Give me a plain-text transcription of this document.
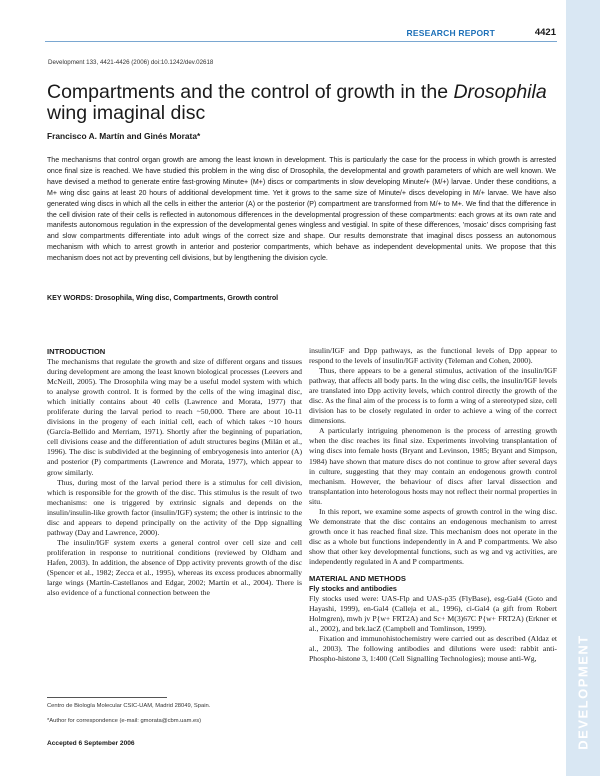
DEVELOPMENT
RESEARCH REPORT	4421
Development 133, 4421-4426 (2006) doi:10.1242/dev.02618
Compartments and the control of growth in the Drosophila wing imaginal disc
Francisco A. Martín and Ginés Morata*
The mechanisms that control organ growth are among the least known in development. This is particularly the case for the process in which growth is arrested once final size is reached. We have studied this problem in the wing disc of Drosophila, the developmental and growth parameters of which are well known. We have devised a method to generate entire fast-growing Minute+ (M+) discs or compartments in slow developing Minute/+ (M/+) larvae. Under these conditions, a M+ wing disc gains at least 20 hours of additional development time. Yet it grows to the same size of Minute/+ discs developing in M/+ larvae. We have also generated wing discs in which all the cells in either the anterior (A) or the posterior (P) compartment are transformed from M/+ to M+. We find that the difference in the cell division rate of their cells is reflected in autonomous differences in the developmental progression of these compartments: each grows at its own rate and manifests autonomous regulation in the expression of the developmental genes wingless and vestigial. In spite of these differences, 'mosaic' discs comprising fast and slow compartments differentiate into adult wings of the correct size and shape. Our results demonstrate that imaginal discs possess an autonomous mechanism with which to arrest growth in anterior and posterior compartments, which behave as independent developmental units. We propose that this mechanism does not act by preventing cell divisions, but by lengthening the division cycle.
KEY WORDS: Drosophila, Wing disc, Compartments, Growth control

INTRODUCTION

The mechanisms that regulate the growth and size of different organs and tissues during development are among the least known biological processes (Leevers and McNeill, 2005). The Drosophila wing may be a useful model system with which to analyse growth control. It is formed by the cells of the wing imaginal disc, which initially contains about 40 cells (Lawrence and Morata, 1977) that proliferate during the larval period to reach ~50,000. There are about 10-11 divisions in the progeny of each initial cell, each of which takes ~10 hours (García-Bellido and Merriam, 1971). Shortly after the beginning of pupariation, cell divisions cease and the differentiation of adult structures begins (Milán et al., 1996). The disc is subdivided at the beginning of embryogenesis into anterior (A) and posterior (P) compartments (Lawrence and Morata, 1977), which appear to grow similarly.

Thus, during most of the larval period there is a stimulus for cell division, which is responsible for the growth of the disc. This stimulus is the result of two mechanisms: one is triggered by extrinsic signals and depends on the insulin/insulin-like growth factor (insulin/IGF) system; the other is intrinsic to the disc and appears to depend principally on the activity of the Dpp signalling pathway (Day and Lawrence, 2000).

The insulin/IGF system exerts a general control over cell size and cell proliferation in response to nutritional conditions (reviewed by Oldham and Hafen, 2003). In addition, the absence of Dpp activity prevents growth of the disc (Spencer et al., 1982; Zecca et al., 1995), whereas its excess produces abnormally large wings (Martín-Castellanos and Edgar, 2002; Martín et al., 2004). There is also evidence of a functional connection between the

insulin/IGF and Dpp pathways, as the functional levels of Dpp appear to respond to the levels of insulin/IGF activity (Teleman and Cohen, 2000).

Thus, there appears to be a general stimulus, activation of the insulin/IGF pathway, that affects all body parts. In the wing disc cells, the insulin/IGF levels are translated into Dpp activity levels, which control directly the growth of the disc. As the final aim of the process is to form a wing of a stereotyped size, cell division has to be closely regulated in order to achieve a wing of the correct dimensions.

A particularly intriguing phenomenon is the process of arresting growth when the disc reaches its final size. Experiments involving transplantation of wing discs into female hosts (Bryant and Levinson, 1985; Bryant and Simpson, 1984) have shown that mature discs do not continue to grow after several days in culture, suggesting that they may contain an endogenous growth control mechanism. However, the behaviour of discs after larval dissection and transplantation into heterologous hosts may not reflect their normal properties in situ.

In this report, we examine some aspects of growth control in the wing disc. We demonstrate that the disc contains an endogenous mechanism to arrest growth once it has reached final size. This mechanism does not operate in the disc as a whole but functions independently in A and P compartments. We also show that other key developmental functions, such as wg and vg activities, are independently regulated in A and P compartments.

MATERIAL AND METHODS

Fly stocks and antibodies

Fly stocks used were: UAS-Flp and UAS-p35 (FlyBase), esg-Gal4 (Goto and Hayashi, 1999), en-Gal4 (Calleja et al., 1996), ci-Gal4 (a gift from Robert Holmgren), mwh jv P{w+ FRT2A) and Sc+ M(3)67C P{w+ FRT2A) (Erkner et al., 2002), and brk.lacZ (Campbell and Tomlinson, 1999).

Fixation and immunohistochemistry were carried out as described (Aldaz et al., 2003). The following antibodies and dilutions were used: rabbit anti-Phospho-histone 3, 1:400 (Cell Signalling Technologies); mouse anti-Wg,

Centro de Biología Molecular CSIC-UAM, Madrid 28049, Spain.
*Author for correspondence (e-mail: gmorata@cbm.uam.es)
Accepted 6 September 2006
